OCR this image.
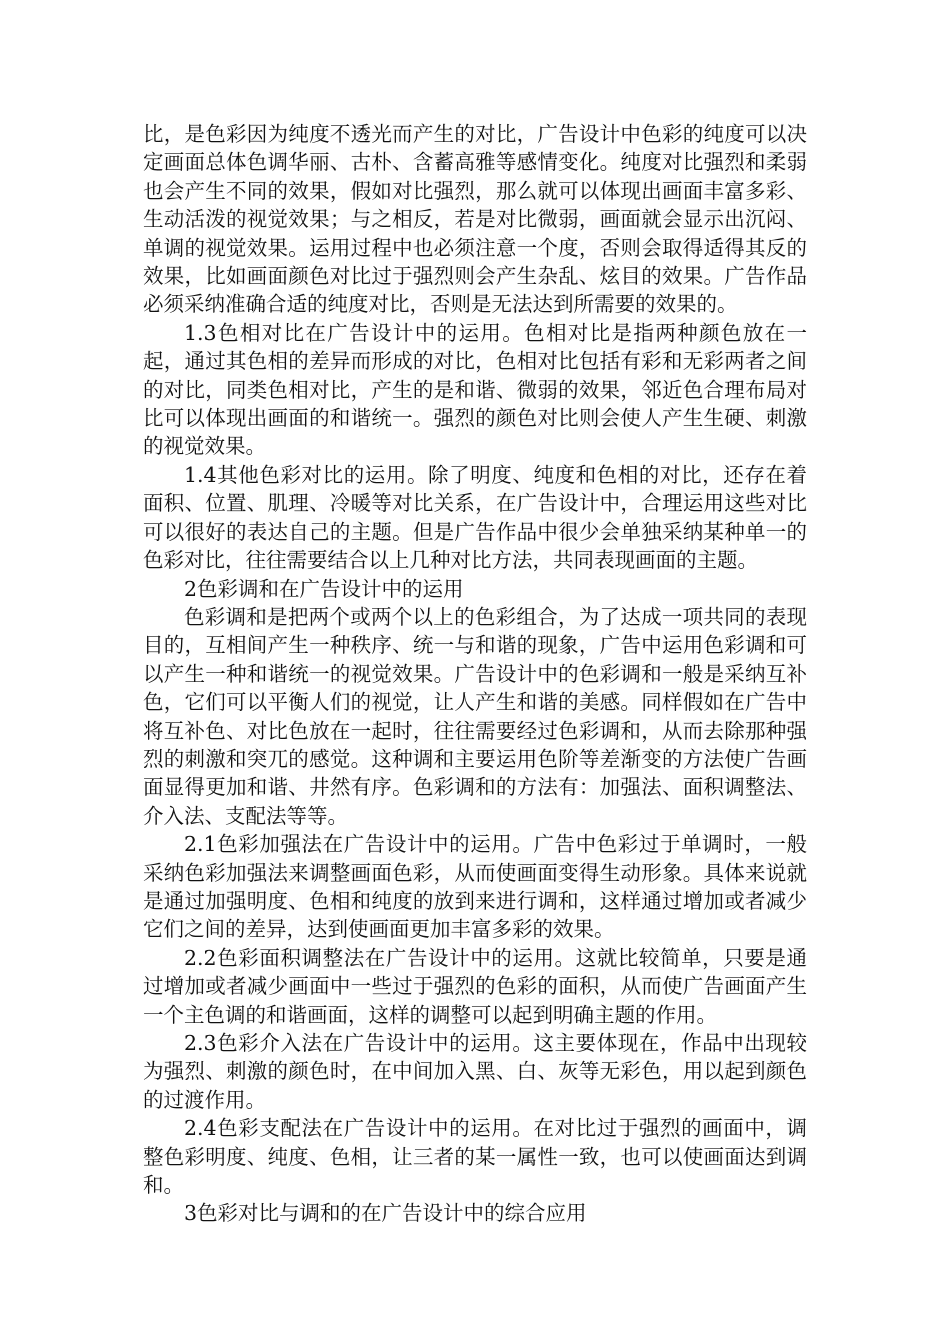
比，是色彩因为纯度不透光而产生的对比，广告设计中色彩的纯度可以决定画面总体色调华丽、古朴、含蓄高雅等感情变化。纯度对比强烈和柔弱也会产生不同的效果，假如对比强烈，那么就可以体现出画面丰富多彩、生动活泼的视觉效果；与之相反，若是对比微弱，画面就会显示出沉闷、单调的视觉效果。运用过程中也必须注意一个度，否则会取得适得其反的效果，比如画面颜色对比过于强烈则会产生杂乱、炫目的效果。广告作品必须采纳准确合适的纯度对比，否则是无法达到所需要的效果的。

1.3色相对比在广告设计中的运用。色相对比是指两种颜色放在一起，通过其色相的差异而形成的对比，色相对比包括有彩和无彩两者之间的对比，同类色相对比，产生的是和谐、微弱的效果，邻近色合理布局对比可以体现出画面的和谐统一。强烈的颜色对比则会使人产生生硬、刺激的视觉效果。

1.4其他色彩对比的运用。除了明度、纯度和色相的对比，还存在着面积、位置、肌理、冷暖等对比关系，在广告设计中，合理运用这些对比可以很好的表达自己的主题。但是广告作品中很少会单独采纳某种单一的色彩对比，往往需要结合以上几种对比方法，共同表现画面的主题。

2色彩调和在广告设计中的运用

色彩调和是把两个或两个以上的色彩组合，为了达成一项共同的表现目的，互相间产生一种秩序、统一与和谐的现象，广告中运用色彩调和可以产生一种和谐统一的视觉效果。广告设计中的色彩调和一般是采纳互补色，它们可以平衡人们的视觉，让人产生和谐的美感。同样假如在广告中将互补色、对比色放在一起时，往往需要经过色彩调和，从而去除那种强烈的刺激和突兀的感觉。这种调和主要运用色阶等差渐变的方法使广告画面显得更加和谐、井然有序。色彩调和的方法有：加强法、面积调整法、介入法、支配法等等。

2.1色彩加强法在广告设计中的运用。广告中色彩过于单调时，一般采纳色彩加强法来调整画面色彩，从而使画面变得生动形象。具体来说就是通过加强明度、色相和纯度的放到来进行调和，这样通过增加或者减少它们之间的差异，达到使画面更加丰富多彩的效果。

2.2色彩面积调整法在广告设计中的运用。这就比较简单，只要是通过增加或者减少画面中一些过于强烈的色彩的面积，从而使广告画面产生一个主色调的和谐画面，这样的调整可以起到明确主题的作用。

2.3色彩介入法在广告设计中的运用。这主要体现在，作品中出现较为强烈、刺激的颜色时，在中间加入黑、白、灰等无彩色，用以起到颜色的过渡作用。

2.4色彩支配法在广告设计中的运用。在对比过于强烈的画面中，调整色彩明度、纯度、色相，让三者的某一属性一致，也可以使画面达到调和。

3色彩对比与调和的在广告设计中的综合应用
